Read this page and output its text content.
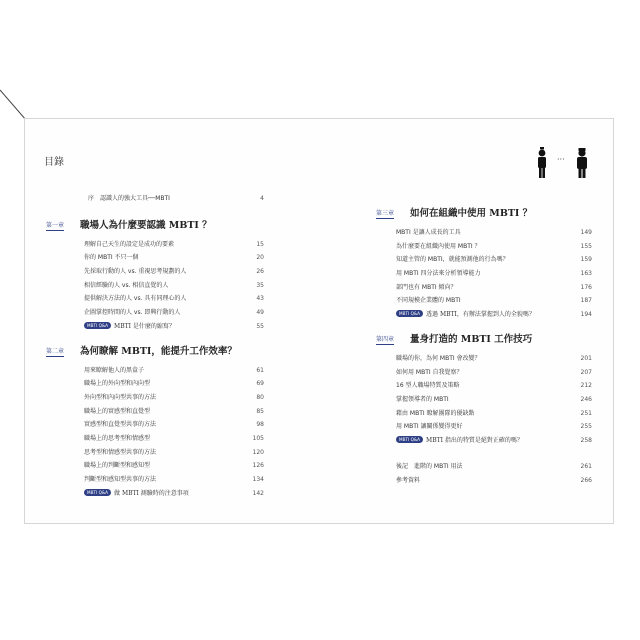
目錄	···
序　認識人的強大工具──MBTI	4
第一章 職場人為什麼要認識 MBTI ？
理解自己天生的設定是成功的要素	15
你的 MBTI 不只一個	20
先採取行動的人 vs. 重視思考規劃的人	26
相信經驗的人 vs. 相信直覺的人	35
提供解決方法的人 vs. 具有同理心的人	43
企圖掌控時間的人 vs. 即興行動的人	49
MBTI Q&A MBTI 是什麼的縮寫？	55
第二章 為何瞭解 MBTI，能提升工作效率？
用來瞭解他人的黑盒子	61
職場上的外向型和內向型	69
外向型和內向型共事的方法	80
職場上的實感型和直覺型	85
實感型和直覺型共事的方法	98
職場上的思考型和情感型	105
思考型和情感型共事的方法	120
職場上的判斷型和感知型	126
判斷型和感知型共事的方法	134
MBTI Q&A 做 MBTI 測驗時的注意事項	142
第三章 如何在組織中使用 MBTI ？
MBTI 是讓人成長的工具	149
為什麼要在組織內使用 MBTI ？	155
知道主管的 MBTI，就能預測他的行為嗎？	159
用 MBTI 四分法來分析領導能力	163
部門也有 MBTI 傾向？	176
不同規模企業體的 MBTI	187
MBTI Q&A 透過 MBTI，有辦法掌握到人的全貌嗎？	194
第四章 量身打造的 MBTI 工作技巧
職場的你，為何 MBTI 會改變？	201
如何用 MBTI 自我覺察？	207
16 型人職場特質及策略	212
掌握領導者的 MBTI	246
藉由 MBTI 瞭解團隊的優缺點	251
用 MBTI 讓關係變得更好	255
MBTI Q&A MBTI 指出的特質是絕對正確的嗎？	258
後記　進階的 MBTI 用法	261
參考資料	266
